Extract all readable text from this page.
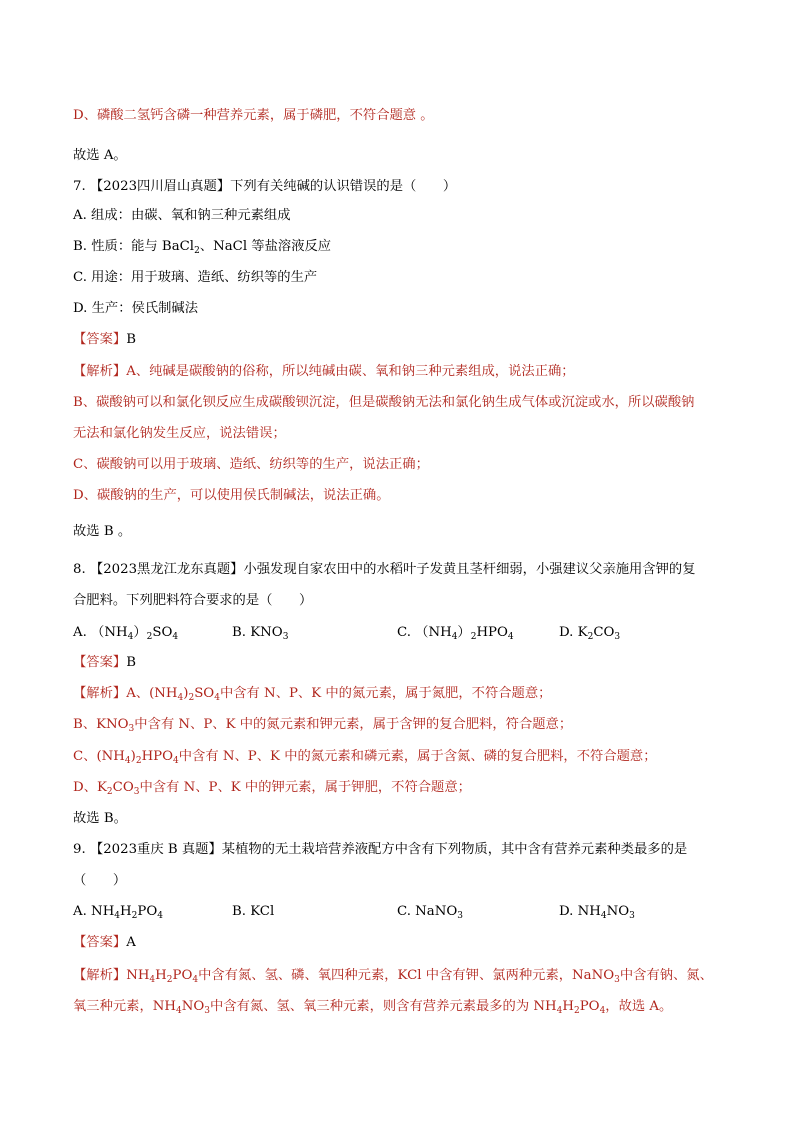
D、磷酸二氢钙含磷一种营养元素，属于磷肥，不符合题意 。
故选 A。
7. 【2023四川眉山真题】下列有关纯碱的认识错误的是（　　）
A. 组成：由碳、氧和钠三种元素组成
B. 性质：能与 BaCl$_2$、NaCl 等盐溶液反应
C. 用途：用于玻璃、造纸、纺织等的生产
D. 生产：侯氏制碱法
【答案】B
【解析】A、纯碱是碳酸钠的俗称，所以纯碱由碳、氧和钠三种元素组成，说法正确；
B、碳酸钠可以和氯化钡反应生成碳酸钡沉淀，但是碳酸钠无法和氯化钠生成气体或沉淀或水，所以碳酸钠
无法和氯化钠发生反应，说法错误；
C、碳酸钠可以用于玻璃、造纸、纺织等的生产，说法正确；
D、碳酸钠的生产，可以使用侯氏制碱法，说法正确。
故选 B 。
8. 【2023黑龙江龙东真题】小强发现自家农田中的水稻叶子发黄且茎杆细弱，小强建议父亲施用含钾的复
合肥料。下列肥料符合要求的是（　　）
A. $(NH_4)_2SO_4$	B. $KNO_3$	C. $(NH_4)_2HPO_4$	D. $K_2CO_3$
【答案】B
【解析】A、$(NH_4)_2SO_4$中含有 N、P、K 中的氮元素，属于氮肥，不符合题意；
B、$KNO_3$中含有 N、P、K 中的氮元素和钾元素，属于含钾的复合肥料，符合题意；
C、$(NH_4)_2HPO_4$中含有 N、P、K 中的氮元素和磷元素，属于含氮、磷的复合肥料，不符合题意；
D、$K_2CO_3$中含有 N、P、K 中的钾元素，属于钾肥，不符合题意；
故选 B。
9. 【2023重庆 B 真题】某植物的无土栽培营养液配方中含有下列物质，其中含有营养元素种类最多的是
（　　）
A. $NH_4H_2PO_4$	B. KCl	C. NaNO$_3$	D. $NH_4NO_3$
【答案】A
【解析】$NH_4H_2PO_4$中含有氮、氢、磷、氧四种元素，KCl 中含有钾、氯两种元素，NaNO$_3$中含有钠、氮、
氧三种元素，$NH_4NO_3$中含有氮、氢、氧三种元素，则含有营养元素最多的为 $NH_4H_2PO_4$，故选 A。
